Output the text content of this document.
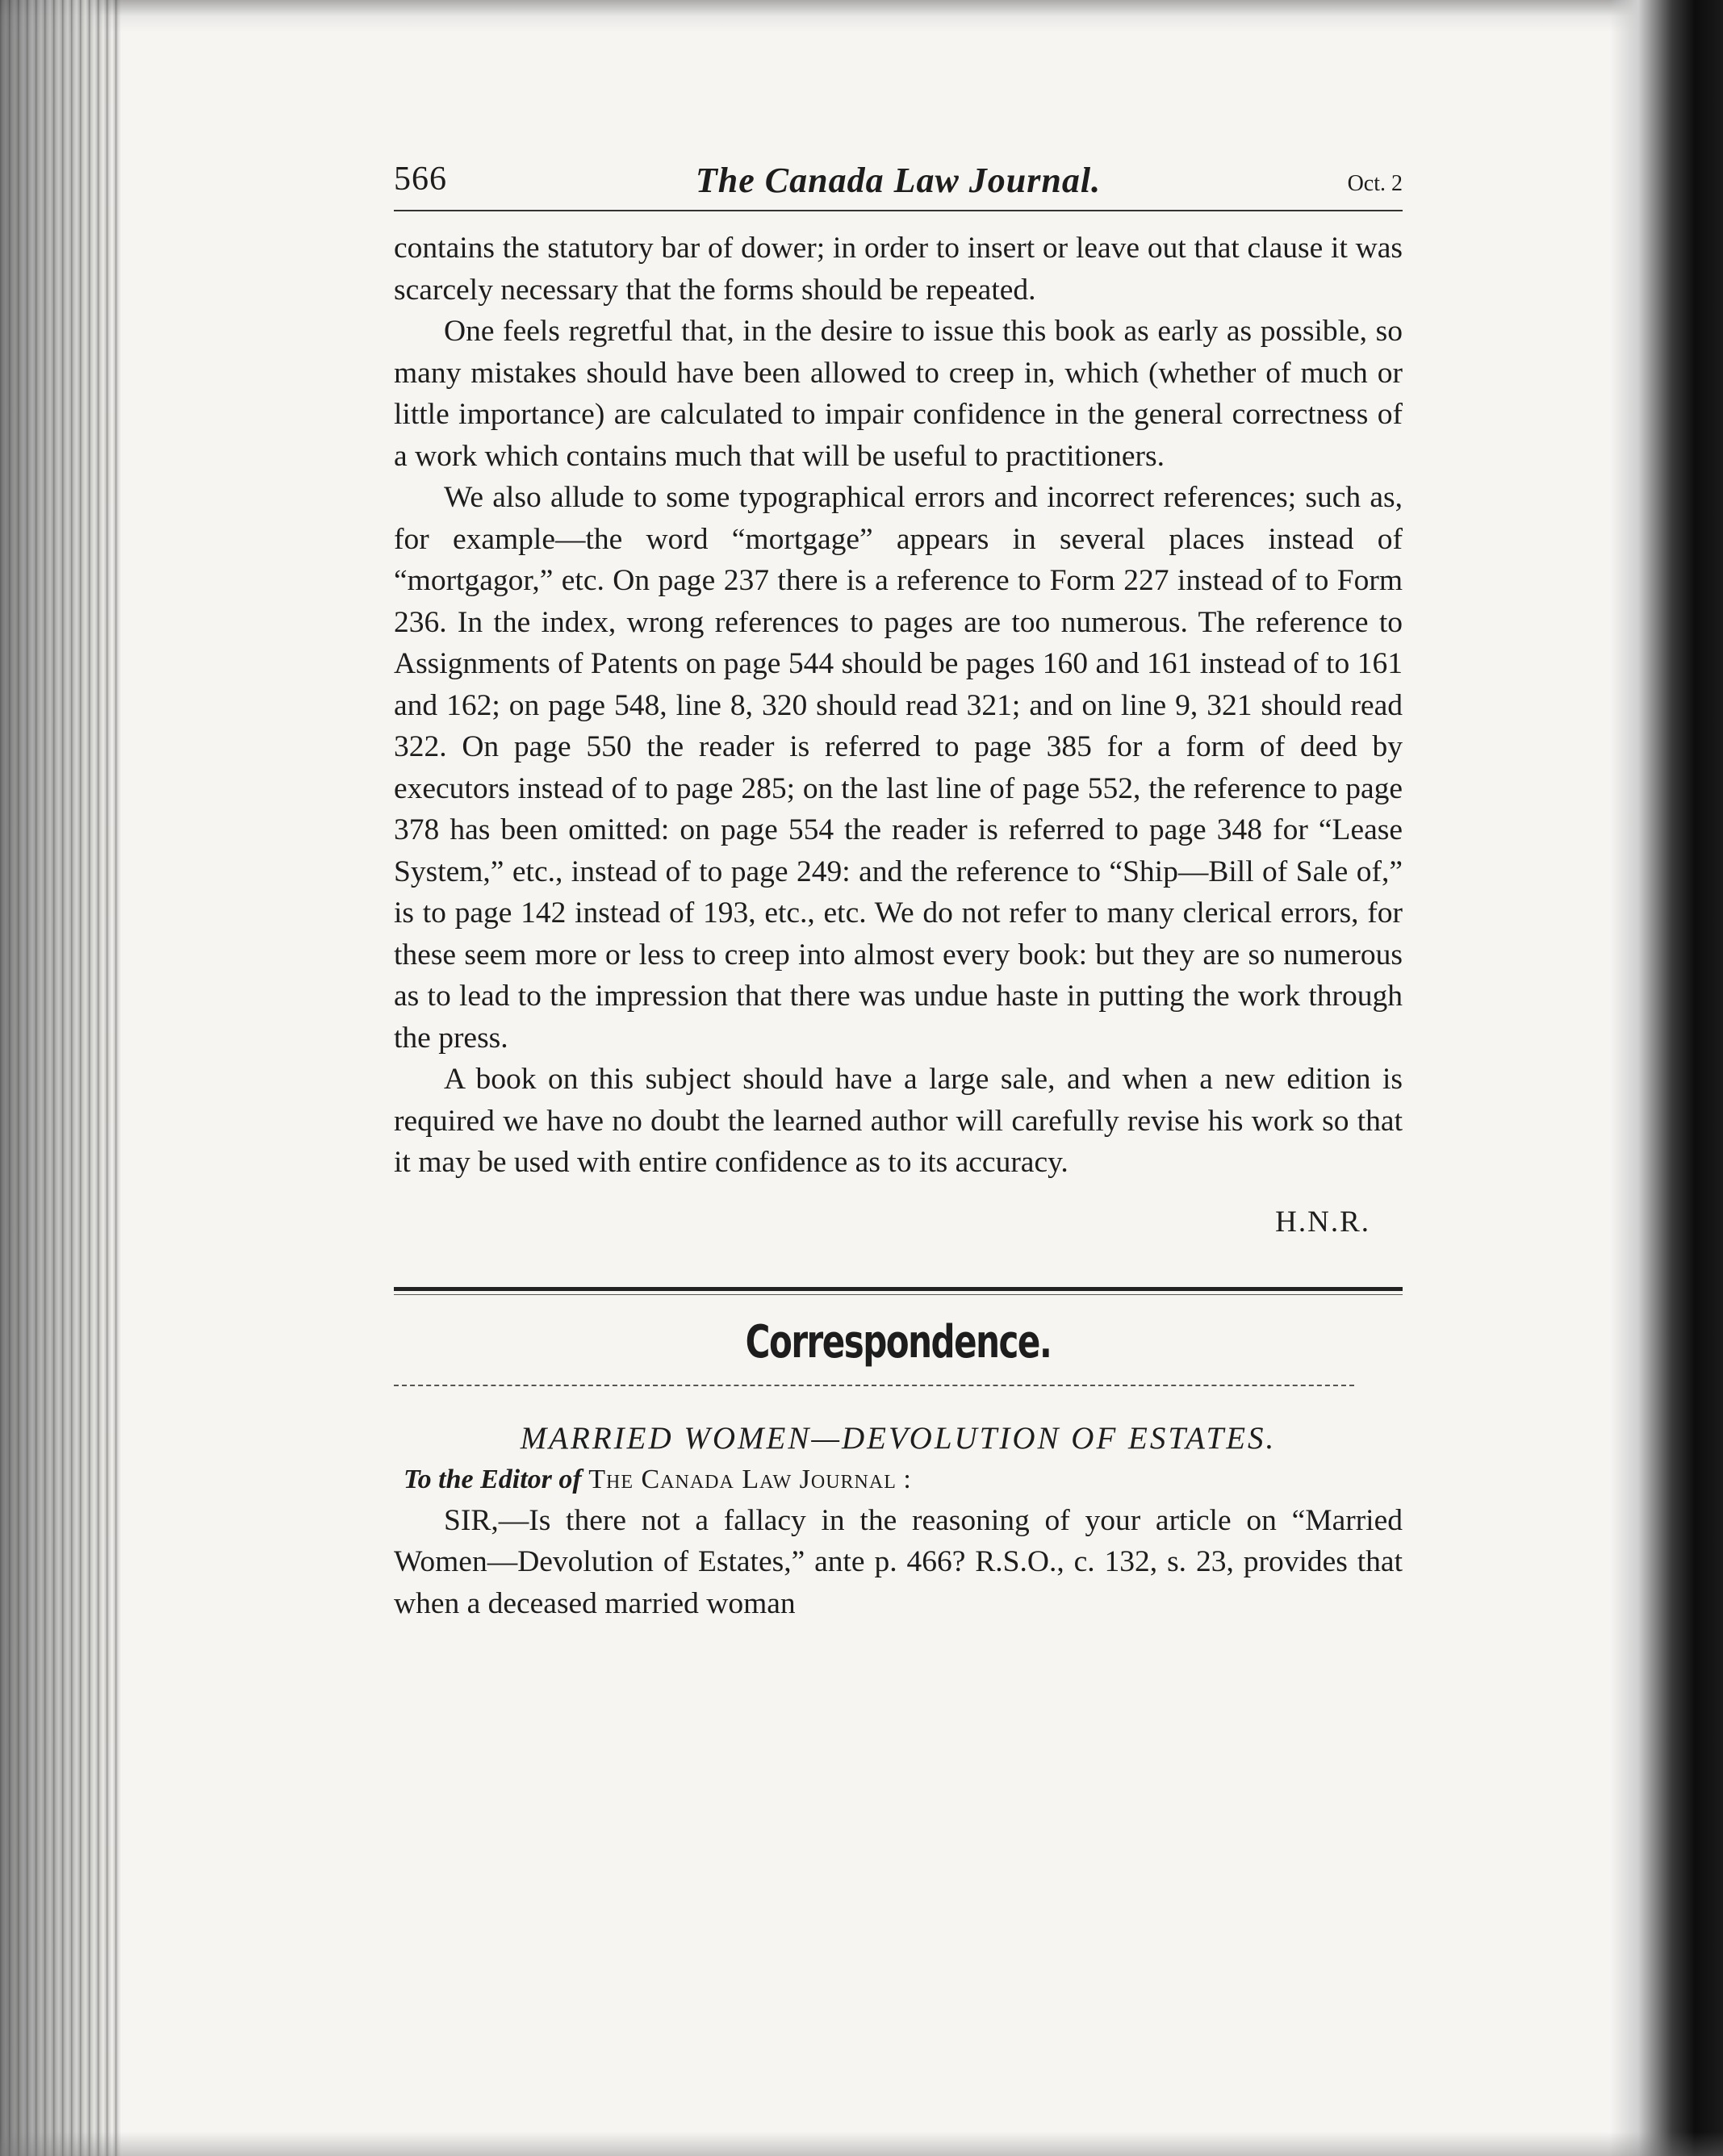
566	The Canada Law Journal.	Oct. 2

contains the statutory bar of dower; in order to insert or leave out that clause it was scarcely necessary that the forms should be repeated.

One feels regretful that, in the desire to issue this book as early as possible, so many mistakes should have been allowed to creep in, which (whether of much or little importance) are calculated to impair confidence in the general correctness of a work which contains much that will be useful to practitioners.

We also allude to some typographical errors and incorrect references; such as, for example—the word “mortgage” appears in several places instead of “mortgagor,” etc. On page 237 there is a reference to Form 227 instead of to Form 236. In the index, wrong references to pages are too numerous. The reference to Assignments of Patents on page 544 should be pages 160 and 161 instead of to 161 and 162; on page 548, line 8, 320 should read 321; and on line 9, 321 should read 322. On page 550 the reader is referred to page 385 for a form of deed by executors instead of to page 285; on the last line of page 552, the reference to page 378 has been omitted: on page 554 the reader is referred to page 348 for “Lease System,” etc., instead of to page 249: and the reference to “Ship—Bill of Sale of,” is to page 142 instead of 193, etc., etc. We do not refer to many clerical errors, for these seem more or less to creep into almost every book: but they are so numerous as to lead to the impression that there was undue haste in putting the work through the press.

A book on this subject should have a large sale, and when a new edition is required we have no doubt the learned author will carefully revise his work so that it may be used with entire confidence as to its accuracy.

H.N.R.
Correspondence.
MARRIED WOMEN—DEVOLUTION OF ESTATES.
To the Editor of The Canada Law Journal :

SIR,—Is there not a fallacy in the reasoning of your article on “Married Women—Devolution of Estates,” ante p. 466? R.S.O., c. 132, s. 23, provides that when a deceased married woman
